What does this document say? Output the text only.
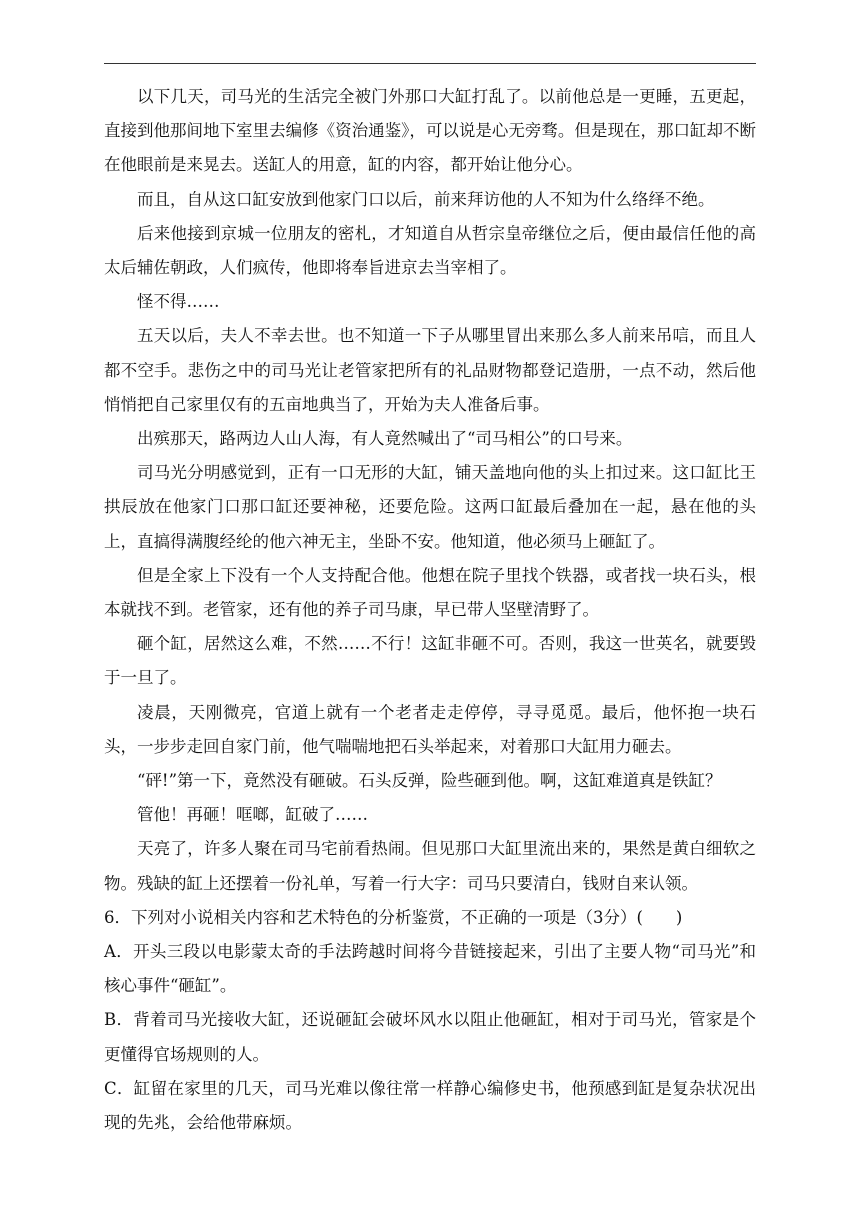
以下几天，司马光的生活完全被门外那口大缸打乱了。以前他总是一更睡，五更起，直接到他那间地下室里去编修《资治通鉴》，可以说是心无旁骛。但是现在，那口缸却不断在他眼前是来晃去。送缸人的用意，缸的内容，都开始让他分心。

而且，自从这口缸安放到他家门口以后，前来拜访他的人不知为什么络绎不绝。

后来他接到京城一位朋友的密札，才知道自从哲宗皇帝继位之后，便由最信任他的高太后辅佐朝政，人们疯传，他即将奉旨进京去当宰相了。

怪不得……

五天以后，夫人不幸去世。也不知道一下子从哪里冒出来那么多人前来吊唁，而且人都不空手。悲伤之中的司马光让老管家把所有的礼品财物都登记造册，一点不动，然后他悄悄把自己家里仅有的五亩地典当了，开始为夫人准备后事。

出殡那天，路两边人山人海，有人竟然喊出了“司马相公”的口号来。

司马光分明感觉到，正有一口无形的大缸，铺天盖地向他的头上扣过来。这口缸比王拱辰放在他家门口那口缸还要神秘，还要危险。这两口缸最后叠加在一起，悬在他的头上，直搞得满腹经纶的他六神无主，坐卧不安。他知道，他必须马上砸缸了。

但是全家上下没有一个人支持配合他。他想在院子里找个铁器，或者找一块石头，根本就找不到。老管家，还有他的养子司马康，早已带人坚壁清野了。

砸个缸，居然这么难，不然……不行！这缸非砸不可。否则，我这一世英名，就要毁于一旦了。

凌晨，天刚微亮，官道上就有一个老者走走停停，寻寻觅觅。最后，他怀抱一块石头，一步步走回自家门前，他气喘喘地把石头举起来，对着那口大缸用力砸去。

“砰!”第一下，竟然没有砸破。石头反弹，险些砸到他。啊，这缸难道真是铁缸？

管他！再砸！哐啷，缸破了……

天亮了，许多人聚在司马宅前看热闹。但见那口大缸里流出来的，果然是黄白细软之物。残缺的缸上还摆着一份礼单，写着一行大字：司马只要清白，钱财自来认领。

6．下列对小说相关内容和艺术特色的分析鉴赏，不正确的一项是（3分）(　　)

A．开头三段以电影蒙太奇的手法跨越时间将今昔链接起来，引出了主要人物“司马光”和核心事件“砸缸”。

B．背着司马光接收大缸，还说砸缸会破坏风水以阻止他砸缸，相对于司马光，管家是个更懂得官场规则的人。

C．缸留在家里的几天，司马光难以像往常一样静心编修史书，他预感到缸是复杂状况出现的先兆，会给他带麻烦。
